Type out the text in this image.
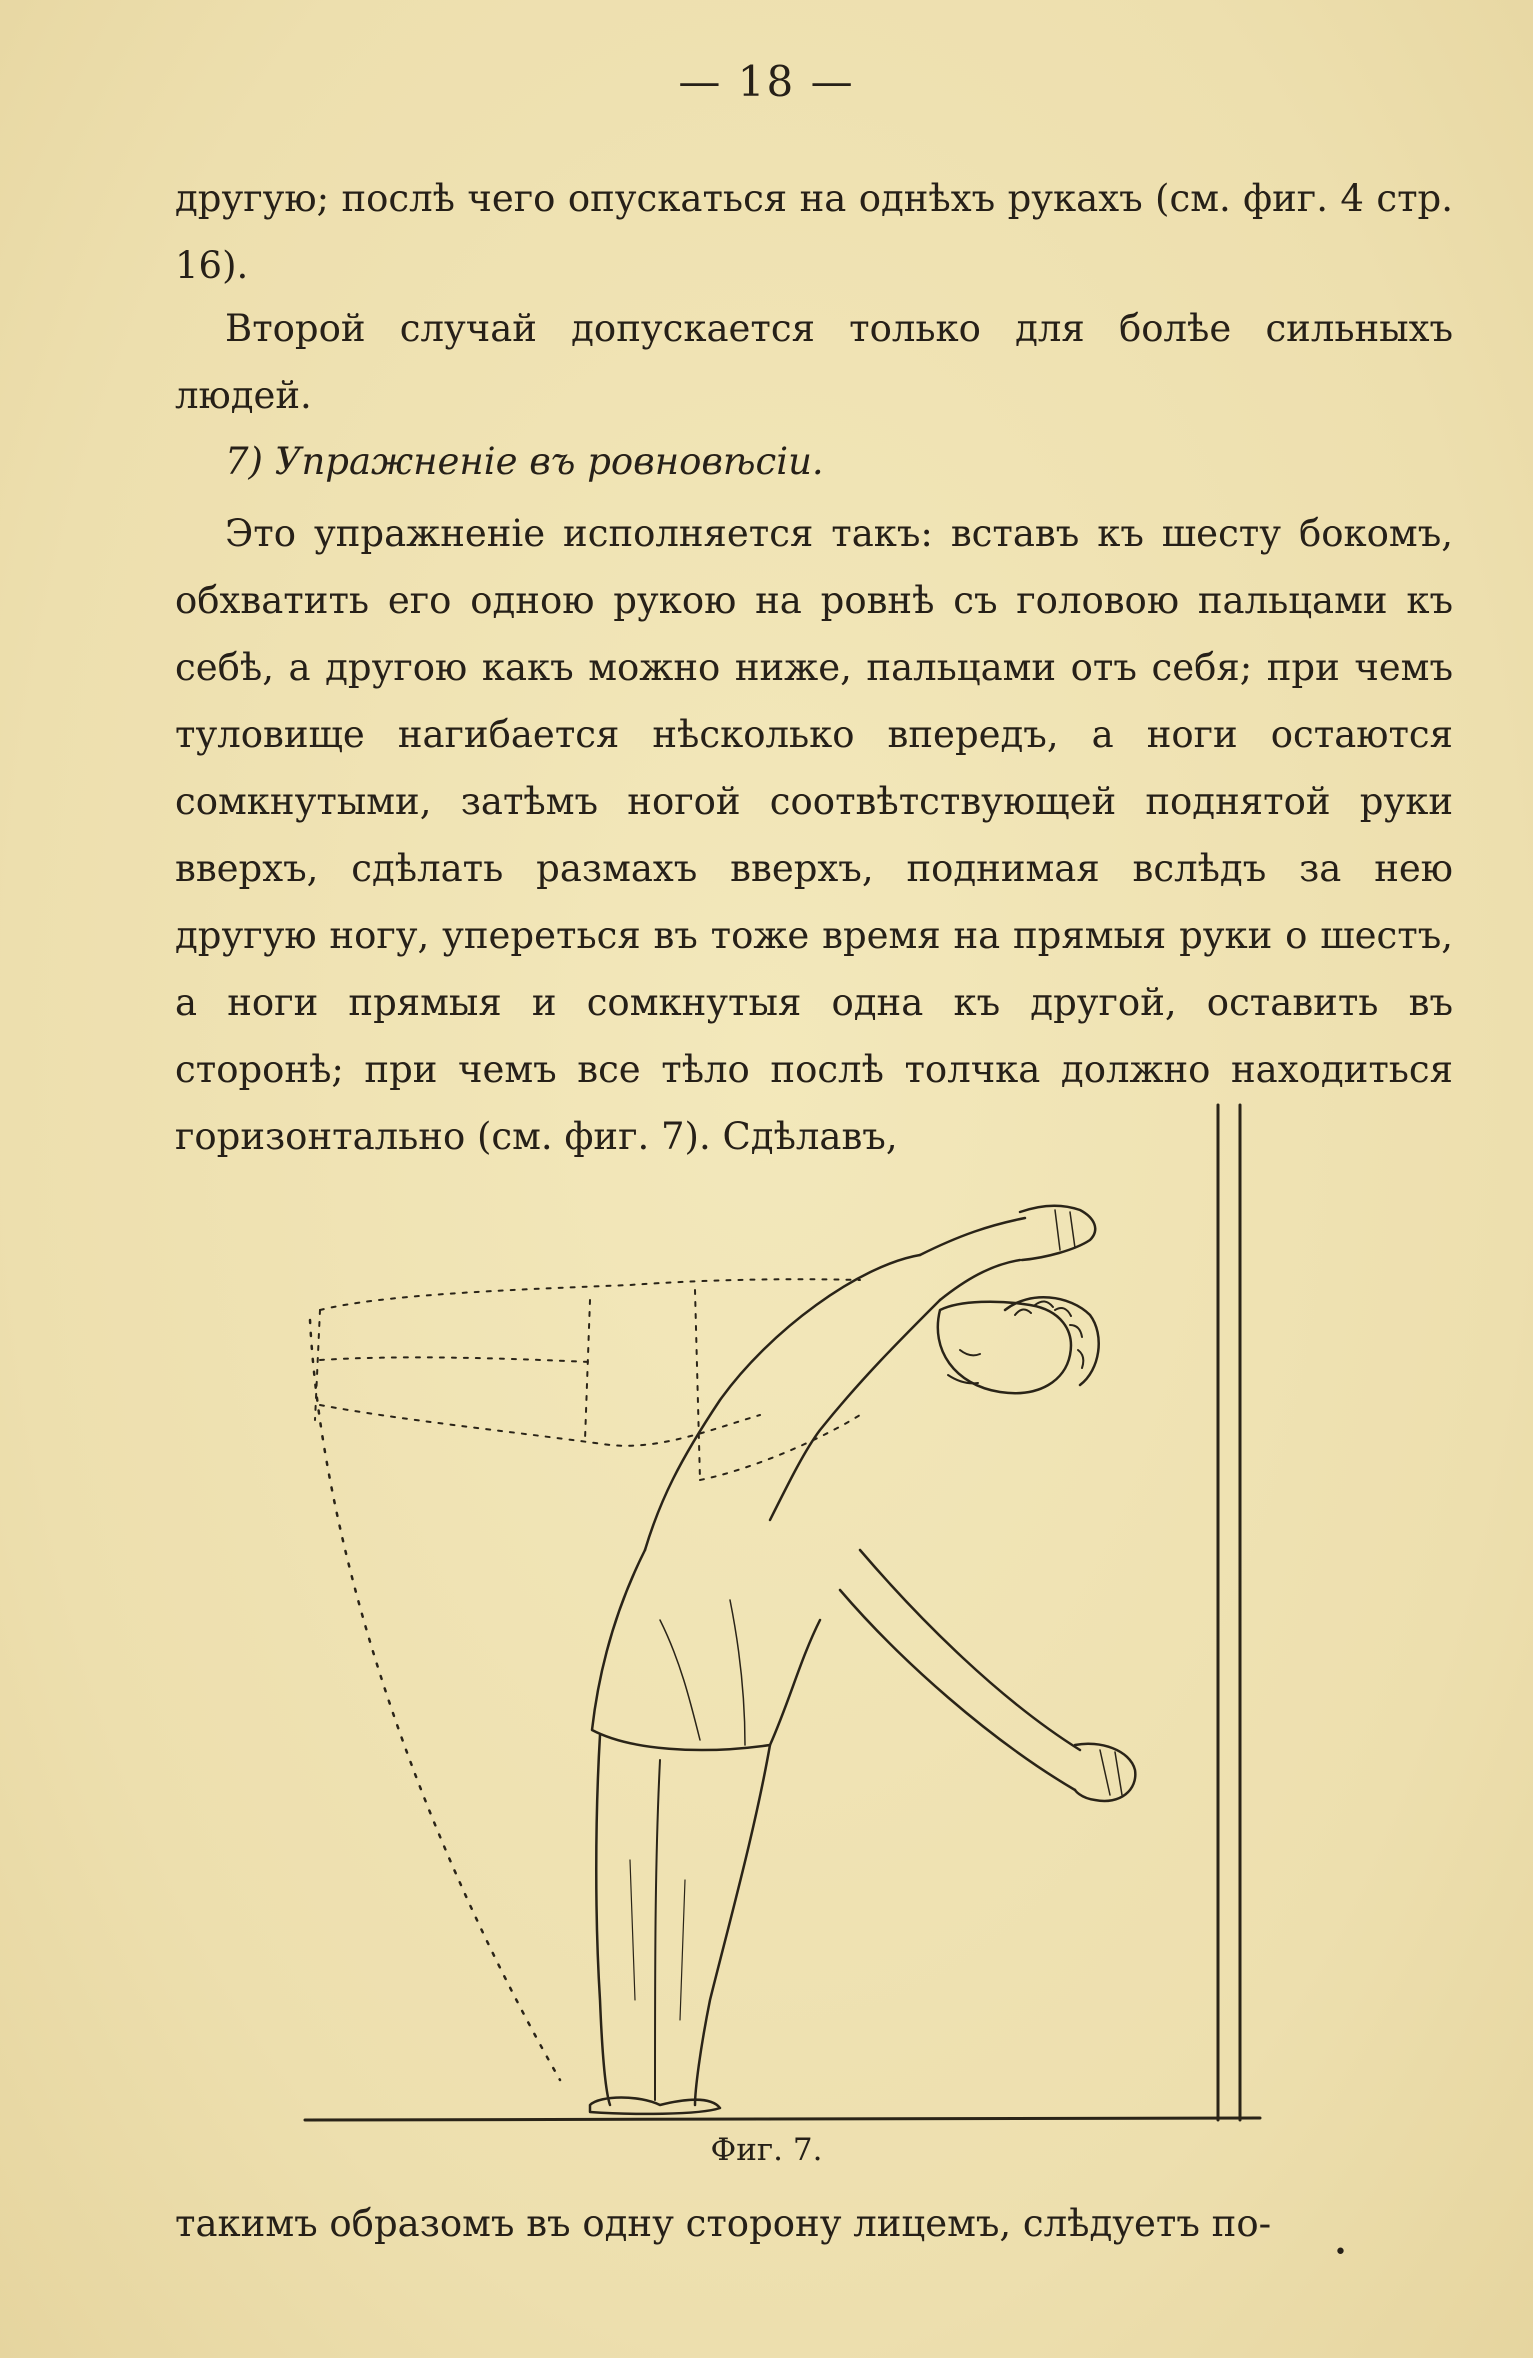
— 18 —

другую; послѣ чего опускаться на однѣхъ рукахъ (см. фиг. 4 стр. 16).

Второй случай допускается только для болѣе сильныхъ людей.

7) Упражненіе въ ровновѣсіи.

Это упражненіе исполняется такъ: вставъ къ шесту бокомъ, обхватить его одною рукою на ровнѣ съ головою пальцами къ себѣ, а другою какъ можно ниже, пальцами отъ себя; при чемъ туловище нагибается нѣсколько впередъ, а ноги остаются сомкнутыми, затѣмъ ногой соотвѣтствующей поднятой руки вверхъ, сдѣлать размахъ вверхъ, поднимая вслѣдъ за нею другую ногу, упереться въ тоже время на прямыя руки о шестъ, а ноги прямыя и сомкнутыя одна къ другой, оставить въ сторонѣ; при чемъ все тѣло послѣ толчка должно находиться горизонтально (см. фиг. 7). Сдѣлавъ,

Фиг. 7.

такимъ образомъ въ одну сторону лицемъ, слѣдуетъ по-

•
